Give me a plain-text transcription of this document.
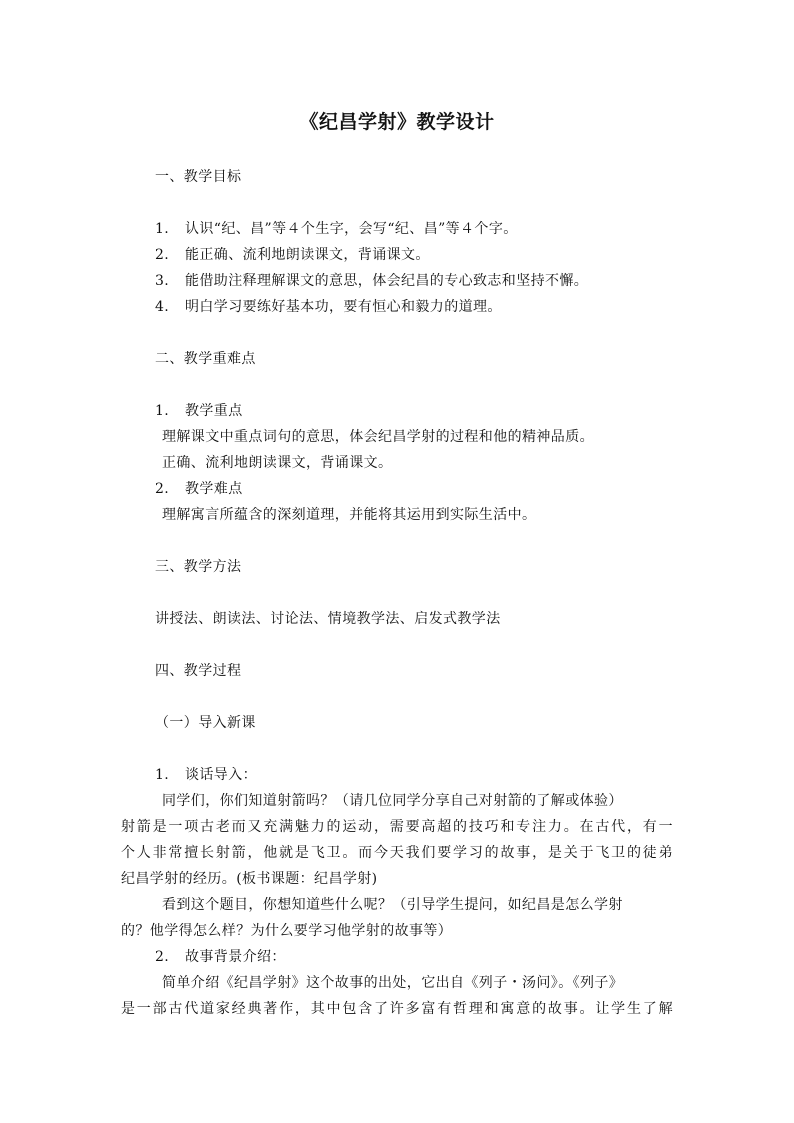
《纪昌学射》教学设计
一、教学目标
1. 认识“纪、昌”等４个生字，会写“纪、昌”等４个字。
2. 能正确、流利地朗读课文，背诵课文。
3. 能借助注释理解课文的意思，体会纪昌的专心致志和坚持不懈。
4. 明白学习要练好基本功，要有恒心和毅力的道理。
二、教学重难点
1. 教学重点
理解课文中重点词句的意思，体会纪昌学射的过程和他的精神品质。
正确、流利地朗读课文，背诵课文。
2. 教学难点
理解寓言所蕴含的深刻道理，并能将其运用到实际生活中。
三、教学方法
讲授法、朗读法、讨论法、情境教学法、启发式教学法
四、教学过程
（一）导入新课
1. 谈话导入：
同学们，你们知道射箭吗？（请几位同学分享自己对射箭的了解或体验）
射箭是一项古老而又充满魅力的运动，需要高超的技巧和专注力。在古代，有一
个人非常擅长射箭，他就是飞卫。而今天我们要学习的故事，是关于飞卫的徒弟
纪昌学射的经历。(板书课题：纪昌学射)
看到这个题目，你想知道些什么呢？（引导学生提问，如纪昌是怎么学射
的？他学得怎么样？为什么要学习他学射的故事等）
2. 故事背景介绍：
简单介绍《纪昌学射》这个故事的出处，它出自《列子・汤问》。《列子》
是一部古代道家经典著作，其中包含了许多富有哲理和寓意的故事。让学生了解
